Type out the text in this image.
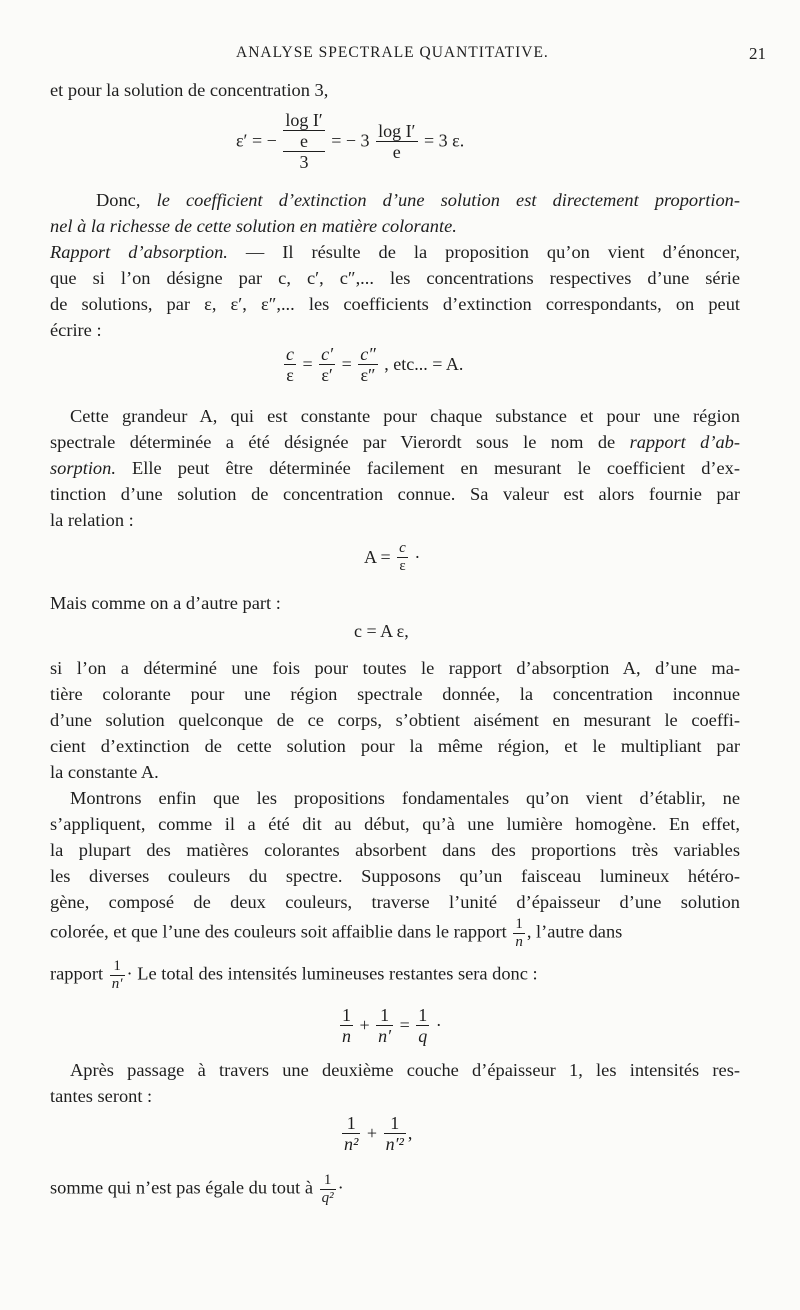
ANALYSE SPECTRALE QUANTITATIVE.	21
et pour la solution de concentration 3,
ε′ = −
log I′
e
3
= − $3 \frac{\text{log I′}}{e} = 3$ ε.
Donc, le coefficient d’extinction d’une solution est directement proportion-
nel à la richesse de cette solution en matière colorante.
Rapport d’absorption. — Il résulte de la proposition qu’on vient d’énoncer,
que si l’on désigne par c, c′, c″,... les concentrations respectives d’une série
de solutions, par ε, ε′, ε″,... les coefficients d’extinction correspondants, on peut
écrire :
$\frac{c}{\varepsilon} = \frac{c'}{\varepsilon'} = \frac{c''}{\varepsilon''}$ , etc... = A.
Cette grandeur A, qui est constante pour chaque substance et pour une région
spectrale déterminée a été désignée par Vierordt sous le nom de rapport d’ab-
sorption. Elle peut être déterminée facilement en mesurant le coefficient d’ex-
tinction d’une solution de concentration connue. Sa valeur est alors fournie par
la relation :
$A = \frac{c}{\varepsilon}$ ·
Mais comme on a d’autre part :
c = A ε,
si l’on a déterminé une fois pour toutes le rapport d’absorption A, d’une ma-
tière colorante pour une région spectrale donnée, la concentration inconnue
d’une solution quelconque de ce corps, s’obtient aisément en mesurant le coeffi-
cient d’extinction de cette solution pour la même région, et le multipliant par
la constante A.
Montrons enfin que les propositions fondamentales qu’on vient d’établir, ne
s’appliquent, comme il a été dit au début, qu’à une lumière homogène. En effet,
la plupart des matières colorantes absorbent dans des proportions très variables
les diverses couleurs du spectre. Supposons qu’un faisceau lumineux hétéro-
gène, composé de deux couleurs, traverse l’unité d’épaisseur d’une solution
colorée, et que l’une des couleurs soit affaiblie dans le rapport $\frac{1}{n}$ , l’autre dans
rapport $\frac{1}{n'} \cdot Le$ total des intensités lumineuses restantes sera donc :
$\frac{1}{n} + \frac{1}{n'} = \frac{1}{q}$ ·
Après passage à travers une deuxième couche d’épaisseur 1, les intensités res-
tantes seront :
$\frac{1}{\text{n²}} + \frac{1}{\text{n′²}}$ ,
somme qui n’est pas égale du tout à $\frac{1}{\text{q²}}$ ·
